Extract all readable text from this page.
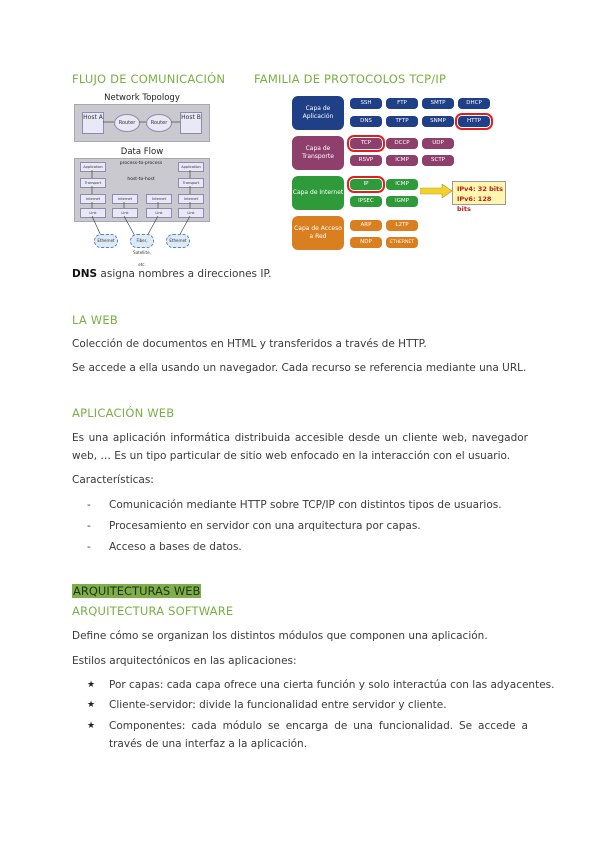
FLUJO DE COMUNICACIÓN	FAMILIA DE PROTOCOLOS TCP/IP
Network Topology
Host A
Router	Router
Host B
Data Flow
Application	Application
process-to-process
Transport	Transport
host-to-host
Internet	Internet	Internet	Internet
Link	Link	Link	Link
Ethernet	Fiber, Satellite, etc.
Ethernet
Capa de Aplicación
Capa de Transporte
Capa de Internet
Capa de Acceso a Red
SSH	FTP	SMTP	DHCP
DNS	TFTP	SNMP	HTTP
TCP	DCCP	UDP
RSVP	ICMP	SCTP
IP	ICMP
IPSEC	IGMP
IPv4: 32 bits
IPv6: 128 bits
ARP	L2TP
NDP	ETHERNET
DNS asigna nombres a direcciones IP.
LA WEB
Colección de documentos en HTML y transferidos a través de HTTP.
Se accede a ella usando un navegador. Cada recurso se referencia mediante una URL.
APLICACIÓN WEB
Es una aplicación informática distribuida accesible desde un cliente web, navegador web, … Es un tipo particular de sitio web enfocado en la interacción con el usuario.
Características:
- Comunicación mediante HTTP sobre TCP/IP con distintos tipos de usuarios.
- Procesamiento en servidor con una arquitectura por capas.
- Acceso a bases de datos.
ARQUITECTURAS WEB
ARQUITECTURA SOFTWARE
Define cómo se organizan los distintos módulos que componen una aplicación.
Estilos arquitectónicos en las aplicaciones:
★ Por capas: cada capa ofrece una cierta función y solo interactúa con las adyacentes.
★ Cliente-servidor: divide la funcionalidad entre servidor y cliente.
★ Componentes: cada módulo se encarga de una funcionalidad. Se accede a través de una interfaz a la aplicación.
